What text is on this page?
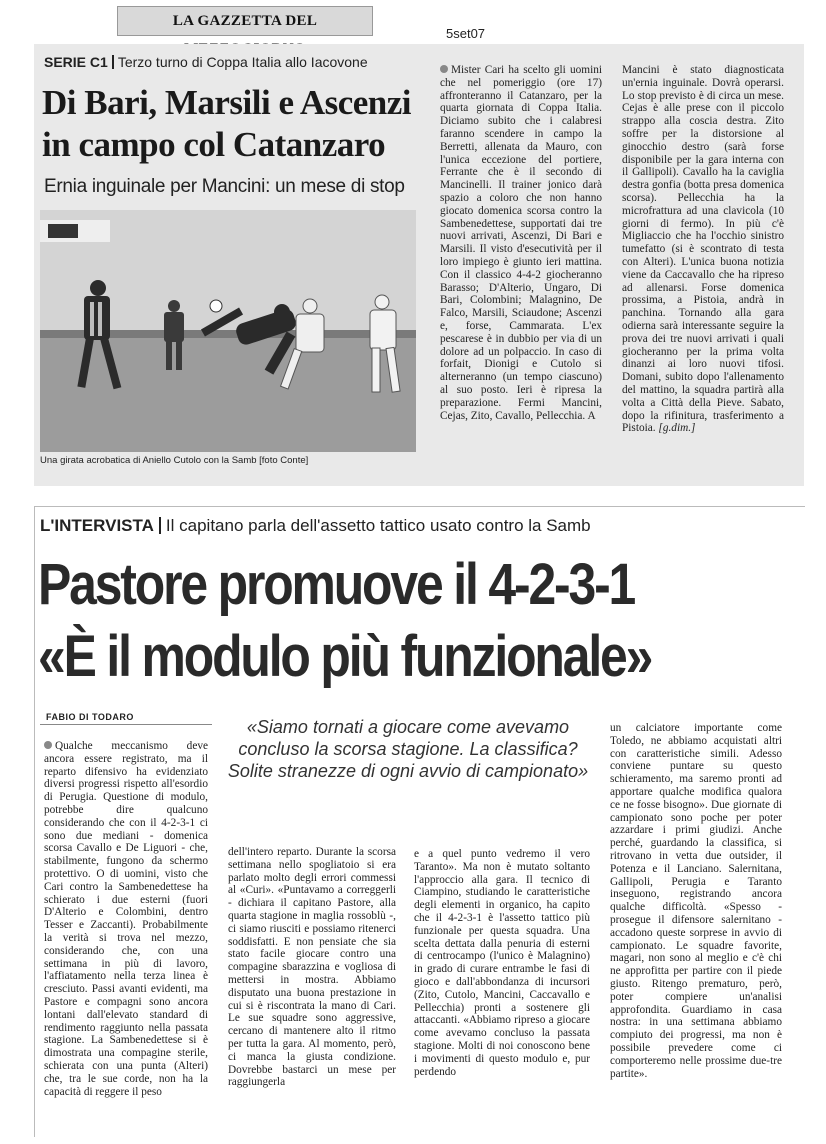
LA GAZZETTA DEL
5set07
SERIE C1 Terzo turno di Coppa Italia allo Iacovone
Di Bari, Marsili e Ascenzi
in campo col Catanzaro
Ernia inguinale per Mancini: un mese di stop
Una girata acrobatica di Aniello Cutolo con la Samb [foto Conte]

Mister Cari ha scelto gli uomini che nel pomeriggio (ore 17) affronteranno il Catanzaro, per la quarta giornata di Coppa Italia. Diciamo subito che i calabresi faranno scendere in campo la Berretti, allenata da Mauro, con l'unica eccezione del portiere, Ferrante che è il secondo di Mancinelli. Il trainer jonico darà spazio a coloro che non hanno giocato domenica scorsa contro la Sambenedettese, supportati dai tre nuovi arrivati, Ascenzi, Di Bari e Marsili. Il visto d'esecutività per il loro impiego è giunto ieri mattina. Con il classico 4-4-2 giocheranno Barasso; D'Alterio, Ungaro, Di Bari, Colombini; Malagnino, De Falco, Marsili, Sciaudone; Ascenzi e, forse, Cammarata. L'ex pescarese è in dubbio per via di un dolore ad un polpaccio. In caso di forfait, Dionigi e Cutolo si alterneranno (un tempo ciascuno) al suo posto. Ieri è ripresa la preparazione. Fermi Mancini, Cejas, Zito, Cavallo, Pellecchia. A

Mancini è stato diagnosticata un'ernia inguinale. Dovrà operarsi. Lo stop previsto è di circa un mese. Cejas è alle prese con il piccolo strappo alla coscia destra. Zito soffre per la distorsione al ginocchio destro (sarà forse disponibile per la gara interna con il Gallipoli). Cavallo ha la caviglia destra gonfia (botta presa domenica scorsa). Pellecchia ha la microfrattura ad una clavicola (10 giorni di fermo). In più c'è Migliaccio che ha l'occhio sinistro tumefatto (si è scontrato di testa con Alteri). L'unica buona notizia viene da Caccavallo che ha ripreso ad allenarsi. Forse domenica prossima, a Pistoia, andrà in panchina. Tornando alla gara odierna sarà interessante seguire la prova dei tre nuovi arrivati i quali giocheranno per la prima volta dinanzi ai loro nuovi tifosi. Domani, subito dopo l'allenamento del mattino, la squadra partirà alla volta a Città della Pieve. Sabato, dopo la rifinitura, trasferimento a Pistoia. [g.dim.]

L'INTERVISTA Il capitano parla dell'assetto tattico usato contro la Samb
Pastore promuove il 4-2-3-1
«È il modulo più funzionale»
FABIO DI TODARO	«Siamo tornati a giocare come avevamo concluso la scorsa stagione. La classifica? Solite stranezze di ogni avvio di campionato»

Qualche meccanismo deve ancora essere registrato, ma il reparto difensivo ha evidenziato diversi progressi rispetto all'esordio di Perugia. Questione di modulo, potrebbe dire qualcuno considerando che con il 4-2-3-1 ci sono due mediani - domenica scorsa Cavallo e De Liguori - che, stabilmente, fungono da schermo protettivo. O di uomini, visto che Cari contro la Sambenedettese ha schierato i due esterni (fuori D'Alterio e Colombini, dentro Tesser e Zaccanti). Probabilmente la verità si trova nel mezzo, considerando che, con una settimana in più di lavoro, l'affiatamento nella terza linea è cresciuto. Passi avanti evidenti, ma Pastore e compagni sono ancora lontani dall'elevato standard di rendimento raggiunto nella passata stagione. La Sambenedettese si è dimostrata una compagine sterile, schierata con una punta (Alteri) che, tra le sue corde, non ha la capacità di reggere il peso

dell'intero reparto. Durante la scorsa settimana nello spogliatoio si era parlato molto degli errori commessi al «Curi». «Puntavamo a correggerli - dichiara il capitano Pastore, alla quarta stagione in maglia rossoblù -, ci siamo riusciti e possiamo ritenerci soddisfatti. E non pensiate che sia stato facile giocare contro una compagine sbarazzina e vogliosa di mettersi in mostra. Abbiamo disputato una buona prestazione in cui si è riscontrata la mano di Cari. Le sue squadre sono aggressive, cercano di mantenere alto il ritmo per tutta la gara. Al momento, però, ci manca la giusta condizione. Dovrebbe bastarci un mese per raggiungerla

e a quel punto vedremo il vero Taranto». Ma non è mutato soltanto l'approccio alla gara. Il tecnico di Ciampino, studiando le caratteristiche degli elementi in organico, ha capito che il 4-2-3-1 è l'assetto tattico più funzionale per questa squadra. Una scelta dettata dalla penuria di esterni di centrocampo (l'unico è Malagnino) in grado di curare entrambe le fasi di gioco e dall'abbondanza di incursori (Zito, Cutolo, Mancini, Caccavallo e Pellecchia) pronti a sostenere gli attaccanti. «Abbiamo ripreso a giocare come avevamo concluso la passata stagione. Molti di noi conoscono bene i movimenti di questo modulo e, pur perdendo

un calciatore importante come Toledo, ne abbiamo acquistati altri con caratteristiche simili. Adesso conviene puntare su questo schieramento, ma saremo pronti ad apportare qualche modifica qualora ce ne fosse bisogno». Due giornate di campionato sono poche per poter azzardare i primi giudizi. Anche perché, guardando la classifica, si ritrovano in vetta due outsider, il Potenza e il Lanciano. Salernitana, Gallipoli, Perugia e Taranto inseguono, registrando ancora qualche difficoltà. «Spesso - prosegue il difensore salernitano - accadono queste sorprese in avvio di campionato. Le squadre favorite, magari, non sono al meglio e c'è chi ne approfitta per partire con il piede giusto. Ritengo prematuro, però, poter compiere un'analisi approfondita. Guardiamo in casa nostra: in una settimana abbiamo compiuto dei progressi, ma non è possibile prevedere come ci comporteremo nelle prossime due-tre partite».
